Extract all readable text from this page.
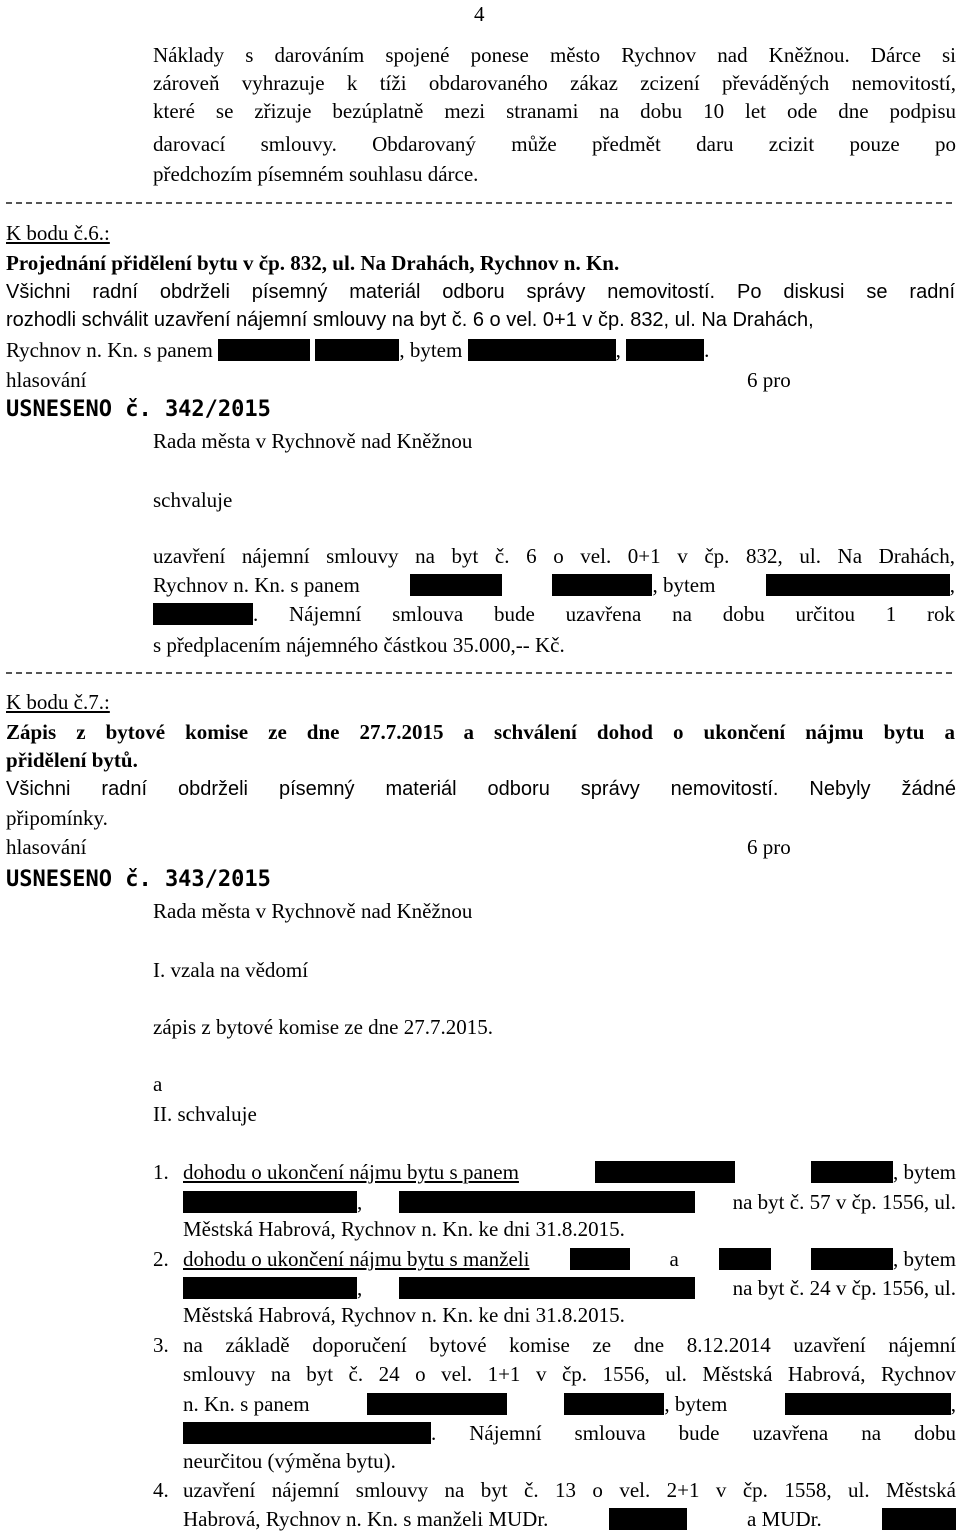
4
Náklady s darováním spojené ponese město Rychnov nad Kněžnou. Dárce si
zároveň vyhrazuje k tíži obdarovaného zákaz zcizení převáděných nemovitostí,
které se zřizuje bezúplatně mezi stranami na dobu 10 let ode dne podpisu
darovací smlouvy. Obdarovaný může předmět daru zcizit pouze po
předchozím písemném souhlasu dárce.
K bodu č.6.:
Projednání přidělení bytu v čp. 832, ul. Na Drahách, Rychnov n. Kn.
Všichni radní obdrželi písemný materiál odboru správy nemovitostí. Po diskusi se radní
rozhodli schválit uzavření nájemní smlouvy na byt č. 6 o vel. 0+1 v čp. 832, ul. Na Drahách,
Rychnov n. Kn. s panem	, bytem	,	.
hlasování	6 pro
USNESENO č. 342/2015
Rada města v Rychnově nad Kněžnou
schvaluje
uzavření nájemní smlouvy na byt č. 6 o vel. 0+1 v čp. 832, ul. Na Drahách,
Rychnov n. Kn. s panem	, bytem	,
. Nájemní smlouva bude uzavřena na dobu určitou 1 rok
s předplacením nájemného částkou 35.000,-- Kč.
K bodu č.7.:
Zápis z bytové komise ze dne 27.7.2015 a schválení dohod o ukončení nájmu bytu a
přidělení bytů.
Všichni radní obdrželi písemný materiál odboru správy nemovitostí. Nebyly žádné
připomínky.
hlasování	6 pro
USNESENO č. 343/2015
Rada města v Rychnově nad Kněžnou
I. vzala na vědomí
zápis z bytové komise ze dne 27.7.2015.
a
II. schvaluje
1. dohodu o ukončení nájmu bytu s panem	, bytem
,	na byt č. 57 v čp. 1556, ul.
Městská Habrová, Rychnov n. Kn. ke dni 31.8.2015.
2. dohodu o ukončení nájmu bytu s manželi	a	, bytem
,	na byt č. 24 v čp. 1556, ul.
Městská Habrová, Rychnov n. Kn. ke dni 31.8.2015.
3. na základě doporučení bytové komise ze dne 8.12.2014 uzavření nájemní
smlouvy na byt č. 24 o vel. 1+1 v čp. 1556, ul. Městská Habrová, Rychnov
n. Kn. s panem	, bytem	,
. Nájemní smlouva bude uzavřena na dobu
neurčitou (výměna bytu).
4. uzavření nájemní smlouvy na byt č. 13 o vel. 2+1 v čp. 1558, ul. Městská
Habrová, Rychnov n. Kn. s manželi MUDr.	a MUDr.
